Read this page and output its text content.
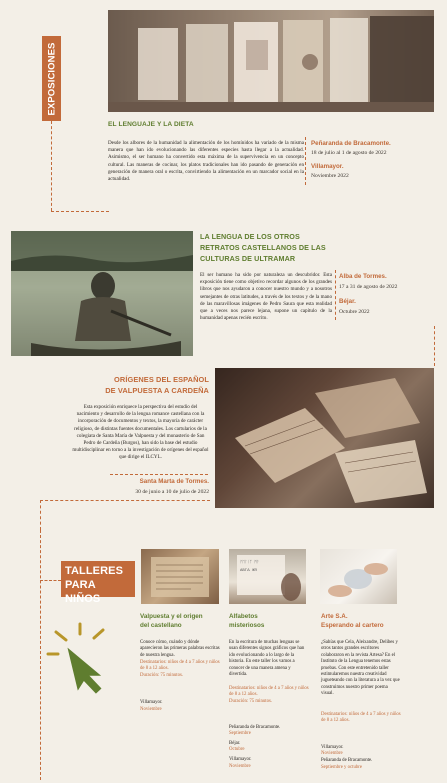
EXPOSICIONES
EL LENGUAJE Y LA DIETA
Desde los albores de la humanidad la alimentación de los homínidos ha variado de la misma manera que han ido evolucionando las diferentes especies hasta llegar a la actualidad. Asimismo, el ser humano ha convertido esta máxima de la supervivencia en un concepto cultural. Las maneras de cocinar, los platos tradicionales han ido pasando de generación en generación de manera oral o escrita, convirtiendo la alimentación en un marcador social en la actualidad.
Peñaranda de Bracamonte.
18 de julio al 1 de agosto de 2022
Villamayor.
Noviembre 2022
LA LENGUA DE LOS OTROS
RETRATOS CASTELLANOS DE LAS
CULTURAS DE ULTRAMAR
El ser humano ha sido por naturaleza un descubridor. Esta exposición tiene como objetivo recordar algunos de los grandes libros que nos ayudaron a conocer nuestro mundo y a nosotros semejantes de otras latitudes, a través de los textos y de la mano de las maravillosas imágenes de Pedro Saura que esta realidad que a veces nos parece lejana, supone un capítulo de la humanidad apenas recién escrito.
Alba de Tormes.
17 a 31 de agosto de 2022
Béjar.
Octubre 2022
ORÍGENES DEL ESPAÑOL
DE VALPUESTA A CARDEÑA
Esta exposición enriquece la perspectiva del estudio del nacimiento y desarrollo de la lengua romance castellana con la incorporación de documentos y textos, la mayoría de carácter religioso, de distintas fuentes documentales. Los cartularios de la colegiata de Santa María de Valpuesta y del monasterio de San Pedro de Cardeña (Burgos), han sido la base del estudio multidisciplinar en torno a la investigación de orígenes del español que dirige el ILCYL.
Santa Marta de Tormes.
30 de junio a 10 de julio de 2022
TALLERES
PARA NIÑOS
Valpuesta y el origen
del castellano
Conoce cómo, cuándo y dónde aparecieron las primeras palabras escritas de nuestra lengua.
Destinatarios: niños de 4 a 7 años y niños de 8 a 12 años.
Duración: 75 minutos.
Villamayor.
Noviembre
ᚠᛖᛚᛁᛉ ᛗᚨ
ΑΒΓΔ ЖЯ
Alfabetos
misteriosos
En la escritura de muchas lenguas se usan diferentes signos gráficos que han ido evolucionando a lo largo de la historia. En este taller los vamos a conocer de una manera amena y divertida.
Destinatarios: niños de 4 a 7 años y niños de 8 a 12 años.
Duración: 75 minutos.
Peñaranda de Bracamonte.
Septiembre
Béjar.
Octubre
Villamayor.
Noviembre
Arte S.A.
Esperando al cartero
¿Sabías que Cela, Aleixandre, Delibes y otros tantos grandes escritores colaboraron en la revista Artesa? En el Instituto de la Lengua tenemos estas pruebas. Con este entretenido taller estimularemos nuestra creatividad jugueteando con la literatura a la vez que construimos nuestro primer poema visual.
Destinatarios: niños de 4 a 7 años y niños de 8 a 12 años.
Villamayor.
Noviembre
Peñaranda de Bracamonte.
Septiembre y octubre
